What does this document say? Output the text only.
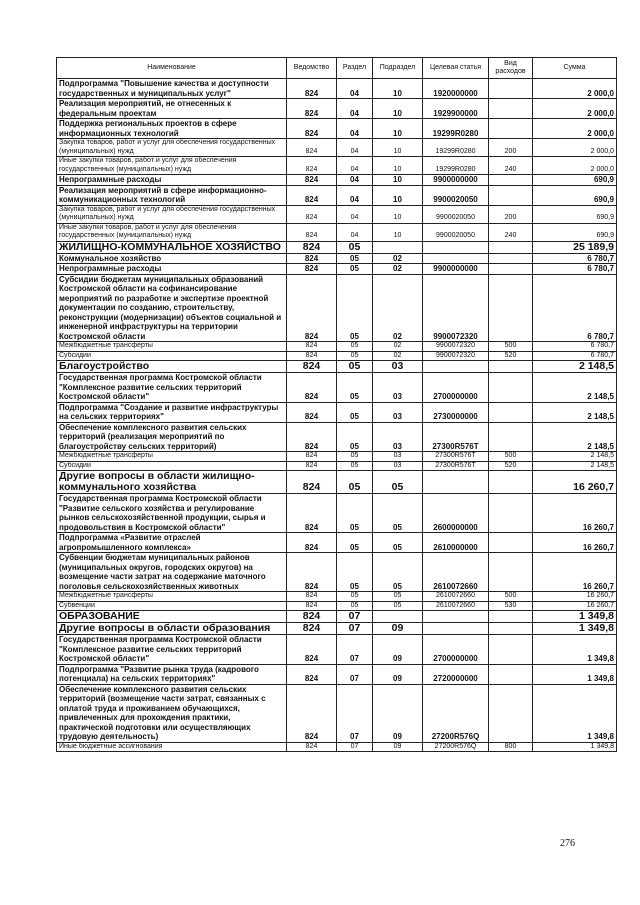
Наименование	Ведомство	Раздел	Подраздел	Целевая статья	Вид расходов	Сумма
Подпрограмма "Повышение качества и доступности государственных и муниципальных услуг"	824	04	10	1920000000		2 000,0
Реализация мероприятий, не отнесенных к федеральным проектам	824	04	10	1929900000		2 000,0
Поддержка региональных проектов в сфере информационных технологий	824	04	10	19299R0280		2 000,0
Закупка товаров, работ и услуг для обеспечения государственных (муниципальных) нужд	824	04	10	19299R0280	200	2 000,0
Иные закупки товаров, работ и услуг для обеспечения государственных (муниципальных) нужд	824	04	10	19299R0280	240	2 000,0
Непрограммные расходы	824	04	10	9900000000		690,9
Реализация мероприятий в сфере информационно-коммуникационных технологий	824	04	10	9900020050		690,9
Закупка товаров, работ и услуг для обеспечения государственных (муниципальных) нужд	824	04	10	9900020050	200	690,9
Иные закупки товаров, работ и услуг для обеспечения государственных (муниципальных) нужд	824	04	10	9900020050	240	690,9
ЖИЛИЩНО-КОММУНАЛЬНОЕ ХОЗЯЙСТВО	824	05				25 189,9
Коммунальное хозяйство	824	05	02			6 780,7
Непрограммные расходы	824	05	02	9900000000		6 780,7
Субсидии бюджетам муниципальных образований Костромской области на софинансирование мероприятий по разработке и экспертизе проектной документации по созданию, строительству, реконструкции (модернизации) объектов социальной и инженерной инфраструктуры на территории Костромской области	824	05	02	9900072320		6 780,7
Межбюджетные трансферты	824	05	02	9900072320	500	6 780,7
Субсидии	824	05	02	9900072320	520	6 780,7
Благоустройство	824	05	03			2 148,5
Государственная программа Костромской области "Комплексное развитие сельских территорий Костромской области"	824	05	03	2700000000		2 148,5
Подпрограмма "Создание и развитие инфраструктуры на сельских территориях"	824	05	03	2730000000		2 148,5
Обеспечение комплексного развития сельских территорий (реализация мероприятий по благоустройству сельских территорий)	824	05	03	27300R576T		2 148,5
Межбюджетные трансферты	824	05	03	27300R576T	500	2 148,5
Субсидии	824	05	03	27300R576T	520	2 148,5
Другие вопросы в области жилищно-коммунального хозяйства	824	05	05			16 260,7
Государственная программа Костромской области "Развитие сельского хозяйства и регулирование рынков сельскохозяйственной продукции, сырья и продовольствия в Костромской области"	824	05	05	2600000000		16 260,7
Подпрограмма «Развитие отраслей агропромышленного комплекса»	824	05	05	2610000000		16 260,7
Субвенции бюджетам муниципальных районов (муниципальных округов, городских округов) на возмещение части затрат на содержание маточного поголовья сельскохозяйственных животных	824	05	05	2610072660		16 260,7
Межбюджетные трансферты	824	05	05	2610072660	500	16 260,7
Субвенции	824	05	05	2610072660	530	16 260,7
ОБРАЗОВАНИЕ	824	07				1 349,8
Другие вопросы в области образования	824	07	09			1 349,8
Государственная программа Костромской области "Комплексное развитие сельских территорий Костромской области"	824	07	09	2700000000		1 349,8
Подпрограмма "Развитие рынка труда (кадрового потенциала) на сельских территориях"	824	07	09	2720000000		1 349,8
Обеспечение комплексного развития сельских территорий (возмещение части затрат, связанных с оплатой труда и проживанием обучающихся, привлеченных для прохождения практики, практической подготовки или осуществляющих трудовую деятельность)	824	07	09	27200R576Q		1 349,8
Иные бюджетные ассигнования	824	07	09	27200R576Q	800	1 349,8
276
